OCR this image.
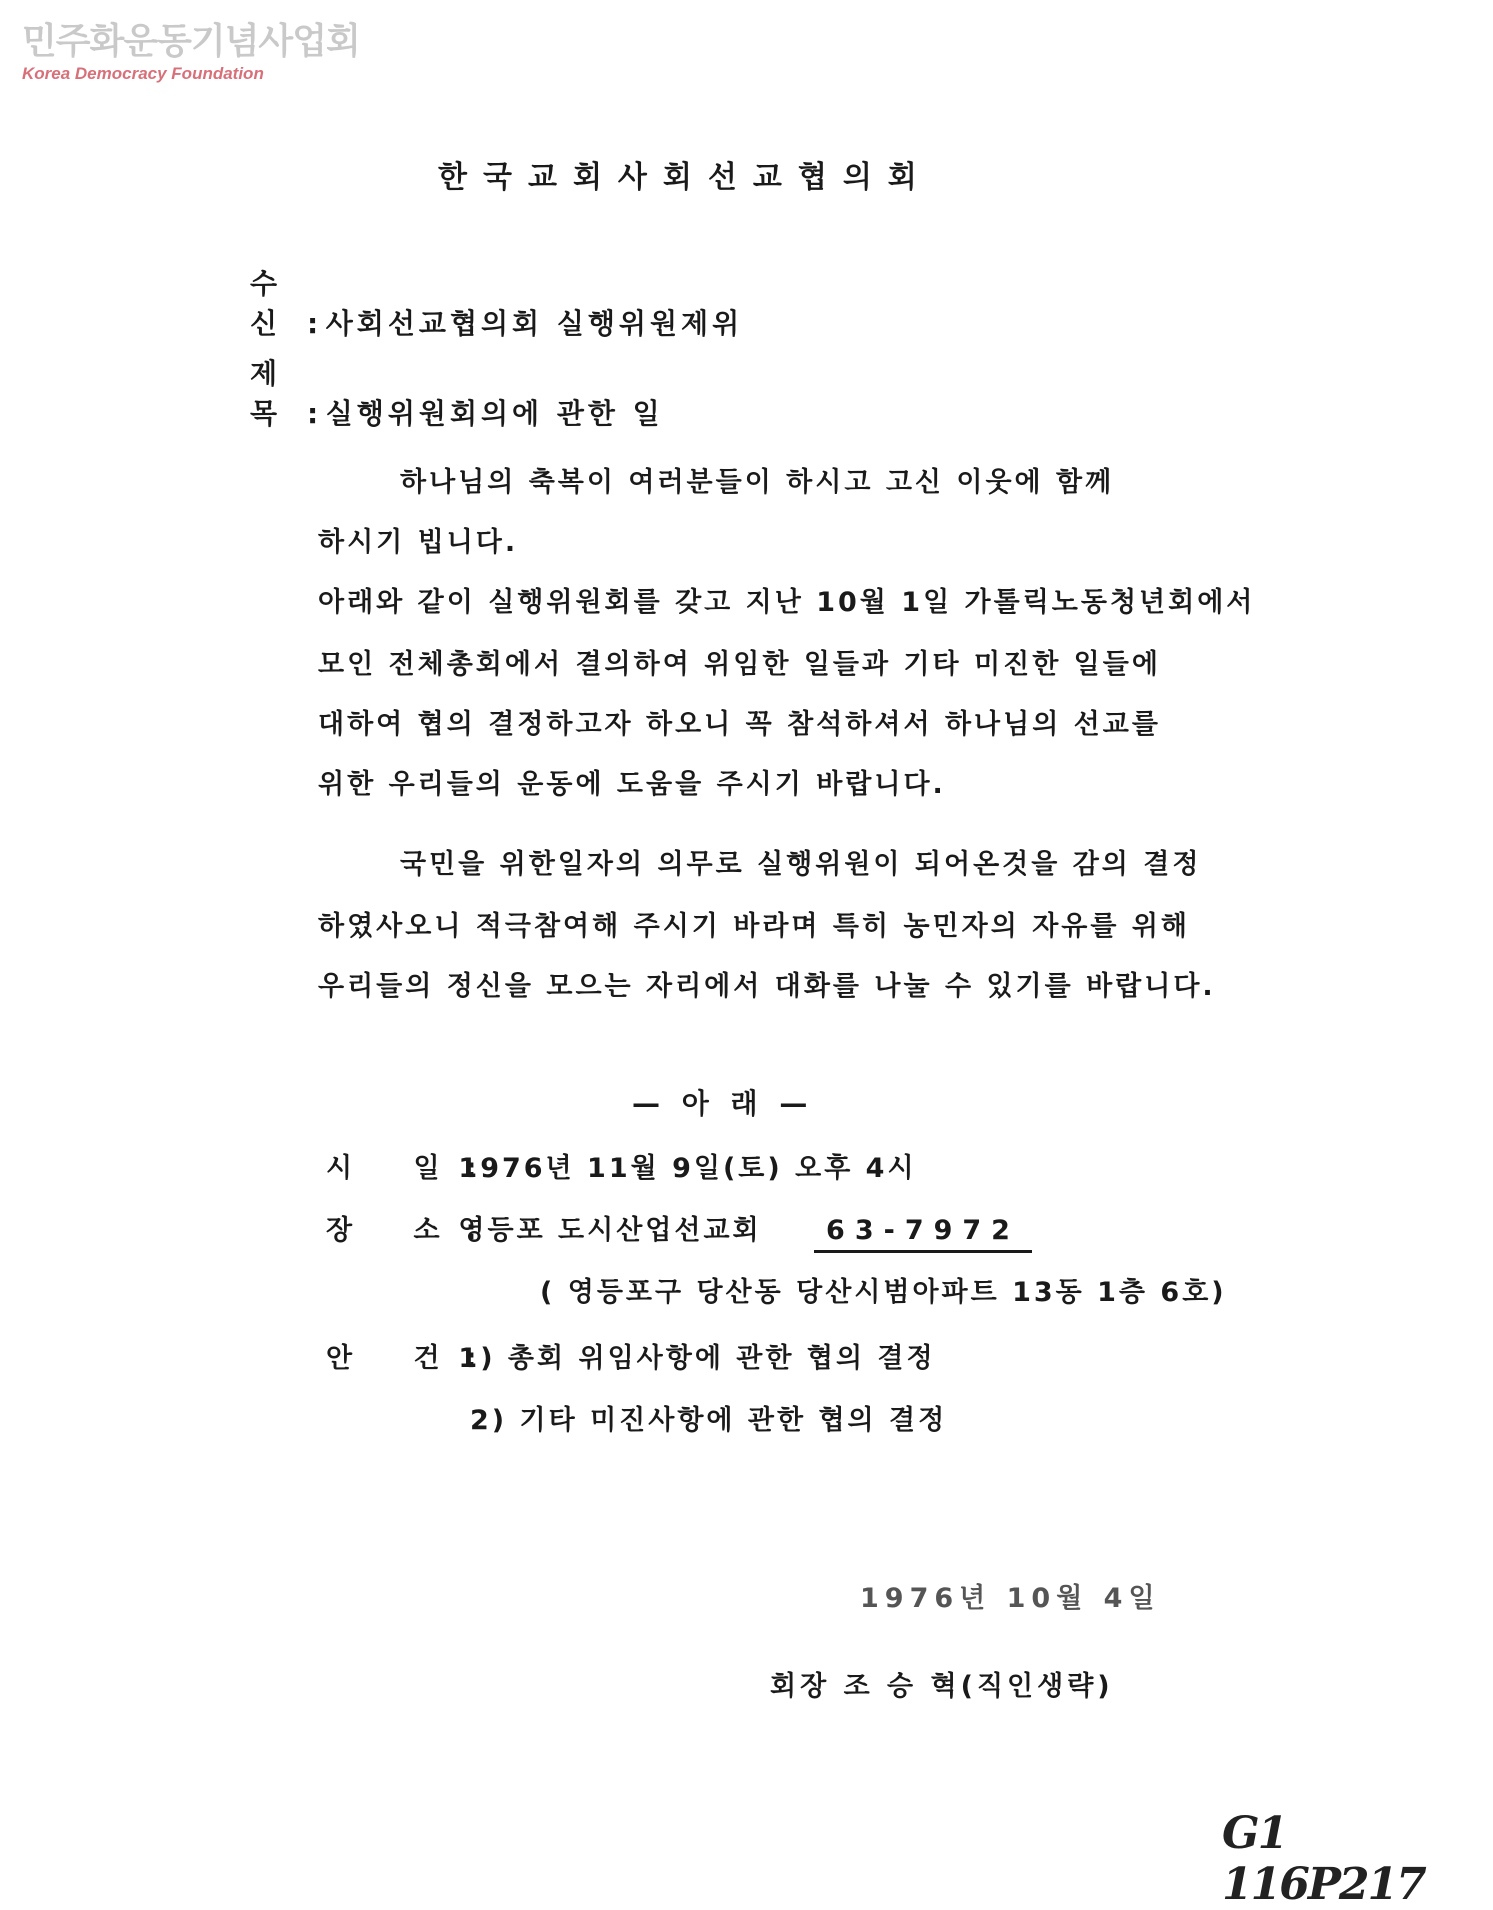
민주화운동기념사업회
Korea Democracy Foundation
한국교회사회선교협의회
수 신: 사회선교협의회 실행위원제위
제 목: 실행위원회의에 관한 일
하나님의 축복이 여러분들이 하시고 고신 이웃에 함께
하시기 빕니다.
아래와 같이 실행위원회를 갖고 지난 10월 1일 가톨릭노동청년회에서
모인 전체총회에서 결의하여 위임한 일들과 기타 미진한 일들에
대하여 협의 결정하고자 하오니 꼭 참석하셔서 하나님의 선교를
위한 우리들의 운동에 도움을 주시기 바랍니다.
국민을 위한일자의 의무로 실행위원이 되어온것을 감의 결정
하였사오니 적극참여해 주시기 바라며 특히 농민자의 자유를 위해
우리들의 정신을 모으는 자리에서 대화를 나눌 수 있기를 바랍니다.
— 아 래 —
시 일: 1976년 11월 9일(토) 오후 4시
장 소: 영등포 도시산업선교회 63-7972
( 영등포구 당산동 당산시범아파트 13동 1층 6호)
안 건: 1) 총회 위임사항에 관한 협의 결정
2) 기타 미진사항에 관한 협의 결정
1976년 10월 4일
회장 조 승 혁(직인생략)
G1 116P217
